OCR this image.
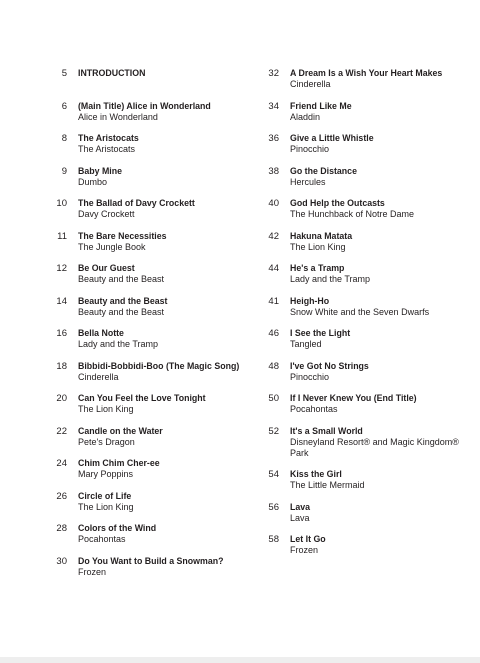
5 INTRODUCTION
6 (Main Title) Alice in Wonderland
Alice in Wonderland
8 The Aristocats
The Aristocats
9 Baby Mine
Dumbo
10 The Ballad of Davy Crockett
Davy Crockett
11 The Bare Necessities
The Jungle Book
12 Be Our Guest
Beauty and the Beast
14 Beauty and the Beast
Beauty and the Beast
16 Bella Notte
Lady and the Tramp
18 Bibbidi-Bobbidi-Boo (The Magic Song)
Cinderella
20 Can You Feel the Love Tonight
The Lion King
22 Candle on the Water
Pete's Dragon
24 Chim Chim Cher-ee
Mary Poppins
26 Circle of Life
The Lion King
28 Colors of the Wind
Pocahontas
30 Do You Want to Build a Snowman?
Frozen
32 A Dream Is a Wish Your Heart Makes
Cinderella
34 Friend Like Me
Aladdin
36 Give a Little Whistle
Pinocchio
38 Go the Distance
Hercules
40 God Help the Outcasts
The Hunchback of Notre Dame
42 Hakuna Matata
The Lion King
44 He's a Tramp
Lady and the Tramp
41 Heigh-Ho
Snow White and the Seven Dwarfs
46 I See the Light
Tangled
48 I've Got No Strings
Pinocchio
50 If I Never Knew You (End Title)
Pocahontas
52 It's a Small World
Disneyland Resort® and Magic Kingdom® Park
54 Kiss the Girl
The Little Mermaid
56 Lava
Lava
58 Let It Go
Frozen
